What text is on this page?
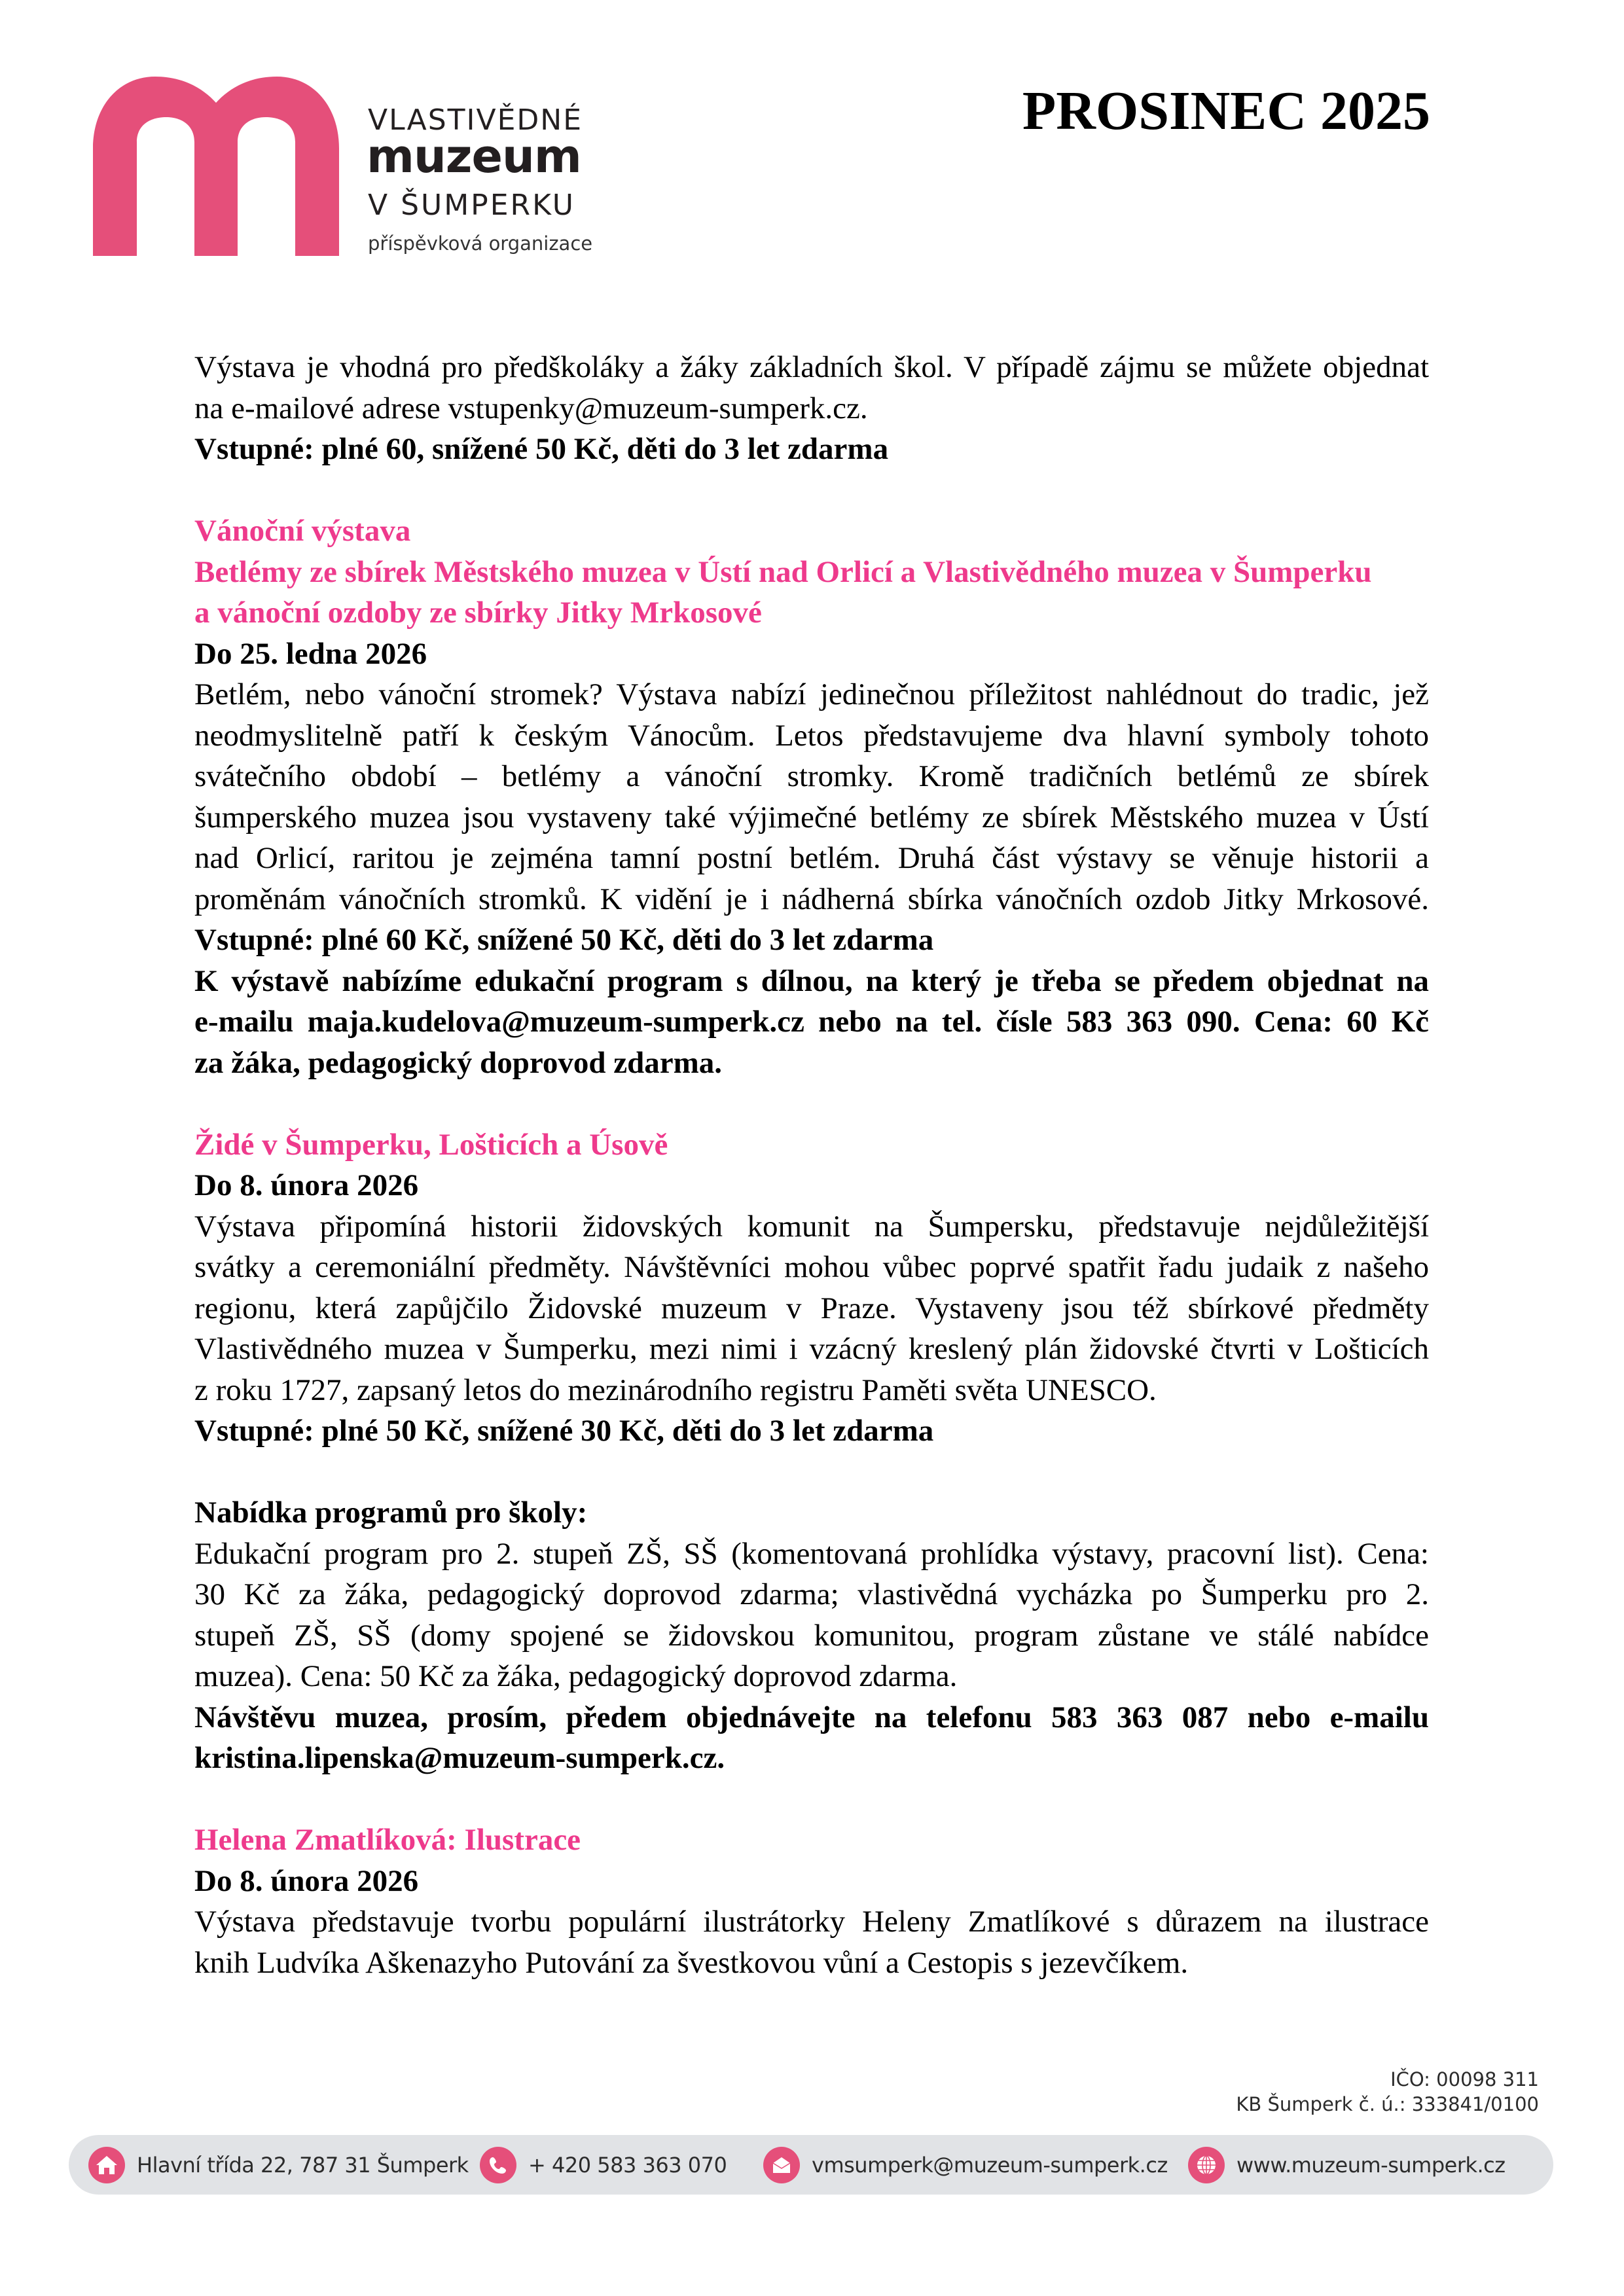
VLASTIVĚDNÉ
muzeum
V ŠUMPERKU
příspěvková organizace
PROSINEC 2025
Výstava je vhodná pro předškoláky a žáky základních škol. V případě zájmu se můžete objednat
na e-mailové adrese vstupenky@muzeum-sumperk.cz.
Vstupné: plné 60, snížené 50 Kč, děti do 3 let zdarma
Vánoční výstava
Betlémy ze sbírek Městského muzea v Ústí nad Orlicí a Vlastivědného muzea v Šumperku
a vánoční ozdoby ze sbírky Jitky Mrkosové
Do 25. ledna 2026
Betlém, nebo vánoční stromek? Výstava nabízí jedinečnou příležitost nahlédnout do tradic, jež
neodmyslitelně patří k českým Vánocům. Letos představujeme dva hlavní symboly tohoto
svátečního období – betlémy a vánoční stromky. Kromě tradičních betlémů ze sbírek
šumperského muzea jsou vystaveny také výjimečné betlémy ze sbírek Městského muzea v Ústí
nad Orlicí, raritou je zejména tamní postní betlém. Druhá část výstavy se věnuje historii a
proměnám vánočních stromků. K vidění je i nádherná sbírka vánočních ozdob Jitky Mrkosové.
Vstupné: plné 60 Kč, snížené 50 Kč, děti do 3 let zdarma
K výstavě nabízíme edukační program s dílnou, na který je třeba se předem objednat na
e-mailu maja.kudelova@muzeum-sumperk.cz nebo na tel. čísle 583 363 090. Cena: 60 Kč
za žáka, pedagogický doprovod zdarma.
Židé v Šumperku, Lošticích a Úsově
Do 8. února 2026
Výstava připomíná historii židovských komunit na Šumpersku, představuje nejdůležitější
svátky a ceremoniální předměty. Návštěvníci mohou vůbec poprvé spatřit řadu judaik z našeho
regionu, která zapůjčilo Židovské muzeum v Praze. Vystaveny jsou též sbírkové předměty
Vlastivědného muzea v Šumperku, mezi nimi i vzácný kreslený plán židovské čtvrti v Lošticích
z roku 1727, zapsaný letos do mezinárodního registru Paměti světa UNESCO.
Vstupné: plné 50 Kč, snížené 30 Kč, děti do 3 let zdarma
Nabídka programů pro školy:
Edukační program pro 2. stupeň ZŠ, SŠ (komentovaná prohlídka výstavy, pracovní list). Cena:
30 Kč za žáka, pedagogický doprovod zdarma; vlastivědná vycházka po Šumperku pro 2.
stupeň ZŠ, SŠ (domy spojené se židovskou komunitou, program zůstane ve stálé nabídce
muzea). Cena: 50 Kč za žáka, pedagogický doprovod zdarma.
Návštěvu muzea, prosím, předem objednávejte na telefonu 583 363 087 nebo e-mailu
kristina.lipenska@muzeum-sumperk.cz.
Helena Zmatlíková: Ilustrace
Do 8. února 2026
Výstava představuje tvorbu populární ilustrátorky Heleny Zmatlíkové s důrazem na ilustrace
knih Ludvíka Aškenazyho Putování za švestkovou vůní a Cestopis s jezevčíkem.
IČO: 00098 311
KB Šumperk č. ú.: 333841/0100
Hlavní třída 22, 787 31 Šumperk	+ 420 583 363 070	vmsumperk@muzeum-sumperk.cz	www.muzeum-sumperk.cz
